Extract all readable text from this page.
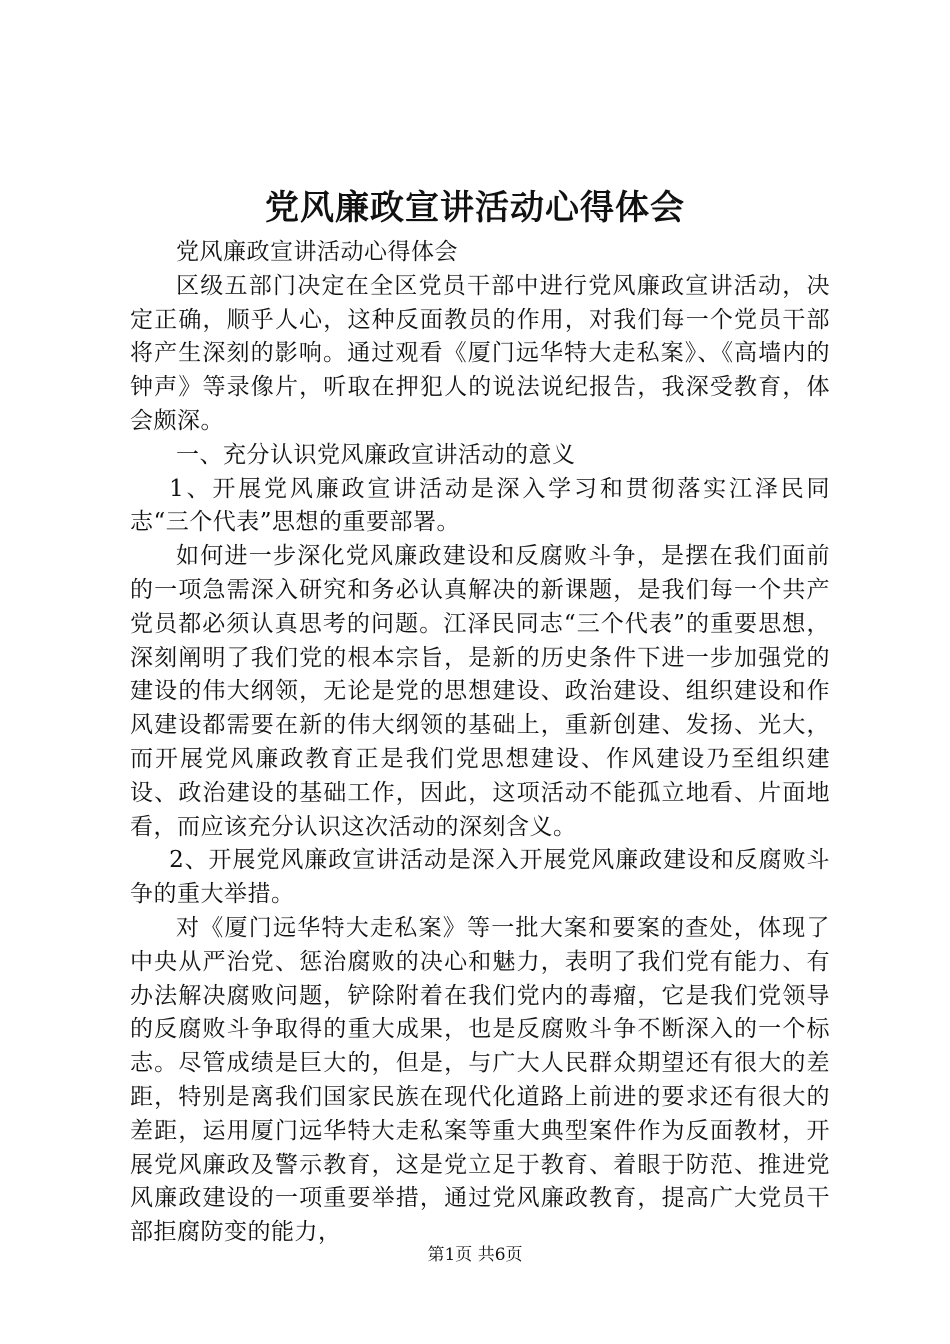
党风廉政宣讲活动心得体会

党风廉政宣讲活动心得体会

区级五部门决定在全区党员干部中进行党风廉政宣讲活动，决定正确，顺乎人心，这种反面教员的作用，对我们每一个党员干部将产生深刻的影响。通过观看《厦门远华特大走私案》、《高墙内的钟声》等录像片，听取在押犯人的说法说纪报告，我深受教育，体会颇深。

一、充分认识党风廉政宣讲活动的意义

1、开展党风廉政宣讲活动是深入学习和贯彻落实江泽民同志“三个代表”思想的重要部署。

如何进一步深化党风廉政建设和反腐败斗争，是摆在我们面前的一项急需深入研究和务必认真解决的新课题，是我们每一个共产党员都必须认真思考的问题。江泽民同志“三个代表”的重要思想，深刻阐明了我们党的根本宗旨，是新的历史条件下进一步加强党的建设的伟大纲领，无论是党的思想建设、政治建设、组织建设和作风建设都需要在新的伟大纲领的基础上，重新创建、发扬、光大，而开展党风廉政教育正是我们党思想建设、作风建设乃至组织建设、政治建设的基础工作，因此，这项活动不能孤立地看、片面地看，而应该充分认识这次活动的深刻含义。

2、开展党风廉政宣讲活动是深入开展党风廉政建设和反腐败斗争的重大举措。

对《厦门远华特大走私案》等一批大案和要案的查处，体现了中央从严治党、惩治腐败的决心和魅力，表明了我们党有能力、有办法解决腐败问题，铲除附着在我们党内的毒瘤，它是我们党领导的反腐败斗争取得的重大成果，也是反腐败斗争不断深入的一个标志。尽管成绩是巨大的，但是，与广大人民群众期望还有很大的差距，特别是离我们国家民族在现代化道路上前进的要求还有很大的差距，运用厦门远华特大走私案等重大典型案件作为反面教材，开展党风廉政及警示教育，这是党立足于教育、着眼于防范、推进党风廉政建设的一项重要举措，通过党风廉政教育，提高广大党员干部拒腐防变的能力，

第1页 共6页
